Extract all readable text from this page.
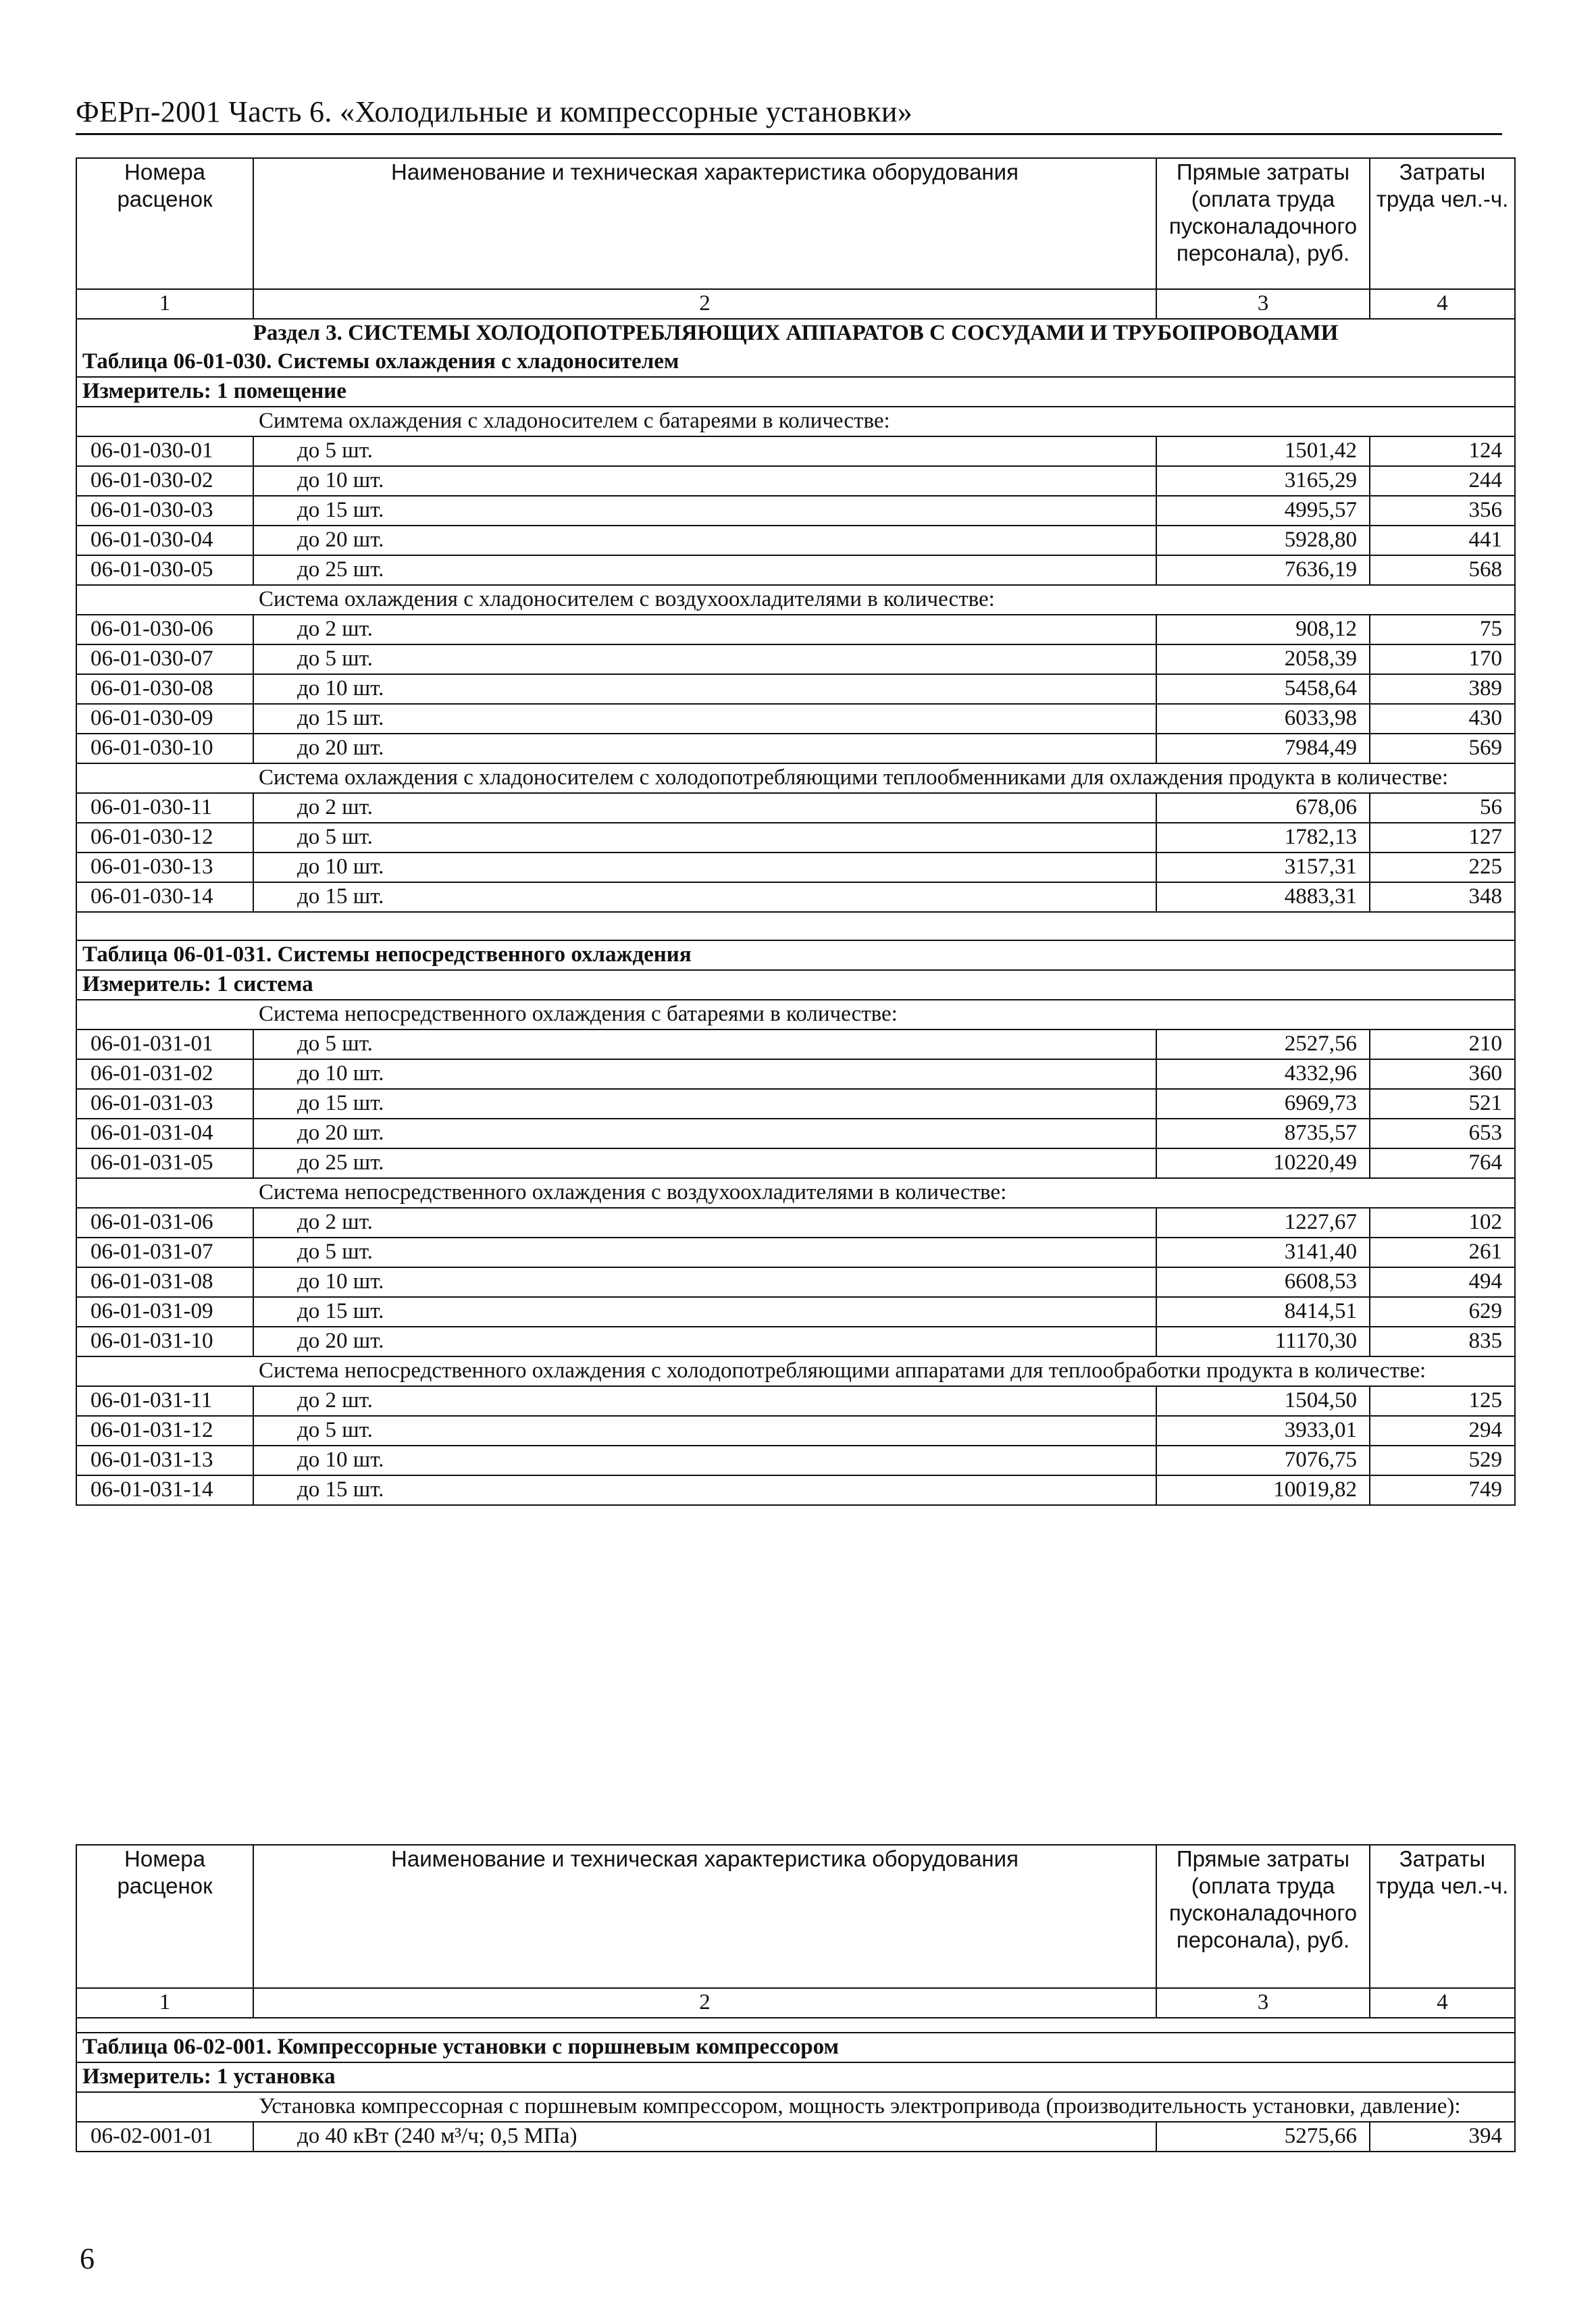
ФЕРп-2001 Часть 6. «Холодильные и компрессорные установки»
Номера расценок	Наименование и техническая характеристика оборудования	Прямые затраты (оплата труда пусконаладочного персонала), руб.	Затраты труда чел.-ч.
1	2	3	4
Раздел 3. СИСТЕМЫ ХОЛОДОПОТРЕБЛЯЮЩИХ АППАРАТОВ С СОСУДАМИ И ТРУБОПРОВОДАМИ			
Таблица 06-01-030. Системы охлаждения с хладоносителем			
Измеритель: 1 помещение			
	Симтема охлаждения с хладоносителем с батареями в количестве:		
06-01-030-01	до 5 шт.	1501,42	124
06-01-030-02	до 10 шт.	3165,29	244
06-01-030-03	до 15 шт.	4995,57	356
06-01-030-04	до 20 шт.	5928,80	441
06-01-030-05	до 25 шт.	7636,19	568
	Система охлаждения с хладоносителем с воздухоохладителями в количестве:		
06-01-030-06	до 2 шт.	908,12	75
06-01-030-07	до 5 шт.	2058,39	170
06-01-030-08	до 10 шт.	5458,64	389
06-01-030-09	до 15 шт.	6033,98	430
06-01-030-10	до 20 шт.	7984,49	569
	Система охлаждения с хладоносителем с холодопотребляющими теплообменниками для охлаждения продукта в количестве:		
06-01-030-11	до 2 шт.	678,06	56
06-01-030-12	до 5 шт.	1782,13	127
06-01-030-13	до 10 шт.	3157,31	225
06-01-030-14	до 15 шт.	4883,31	348

Таблица 06-01-031. Системы непосредственного охлаждения			
Измеритель: 1 система			
	Система непосредственного охлаждения с батареями в количестве:		
06-01-031-01	до 5 шт.	2527,56	210
06-01-031-02	до 10 шт.	4332,96	360
06-01-031-03	до 15 шт.	6969,73	521
06-01-031-04	до 20 шт.	8735,57	653
06-01-031-05	до 25 шт.	10220,49	764
	Система непосредственного охлаждения с воздухоохладителями в количестве:		
06-01-031-06	до 2 шт.	1227,67	102
06-01-031-07	до 5 шт.	3141,40	261
06-01-031-08	до 10 шт.	6608,53	494
06-01-031-09	до 15 шт.	8414,51	629
06-01-031-10	до 20 шт.	11170,30	835
	Система непосредственного охлаждения с холодопотребляющими аппаратами для теплообработки продукта в количестве:		
06-01-031-11	до 2 шт.	1504,50	125
06-01-031-12	до 5 шт.	3933,01	294
06-01-031-13	до 10 шт.	7076,75	529
06-01-031-14	до 15 шт.	10019,82	749
Номера расценок	Наименование и техническая характеристика оборудования	Прямые затраты (оплата труда пусконаладочного персонала), руб.	Затраты труда чел.-ч.
1	2	3	4

Таблица 06-02-001. Компрессорные установки с поршневым компрессором			
Измеритель: 1 установка			
	Установка компрессорная с поршневым компрессором, мощность электропривода (производительность установки, давление):		
06-02-001-01	до 40 кВт (240 м³/ч; 0,5 МПа)	5275,66	394
6
